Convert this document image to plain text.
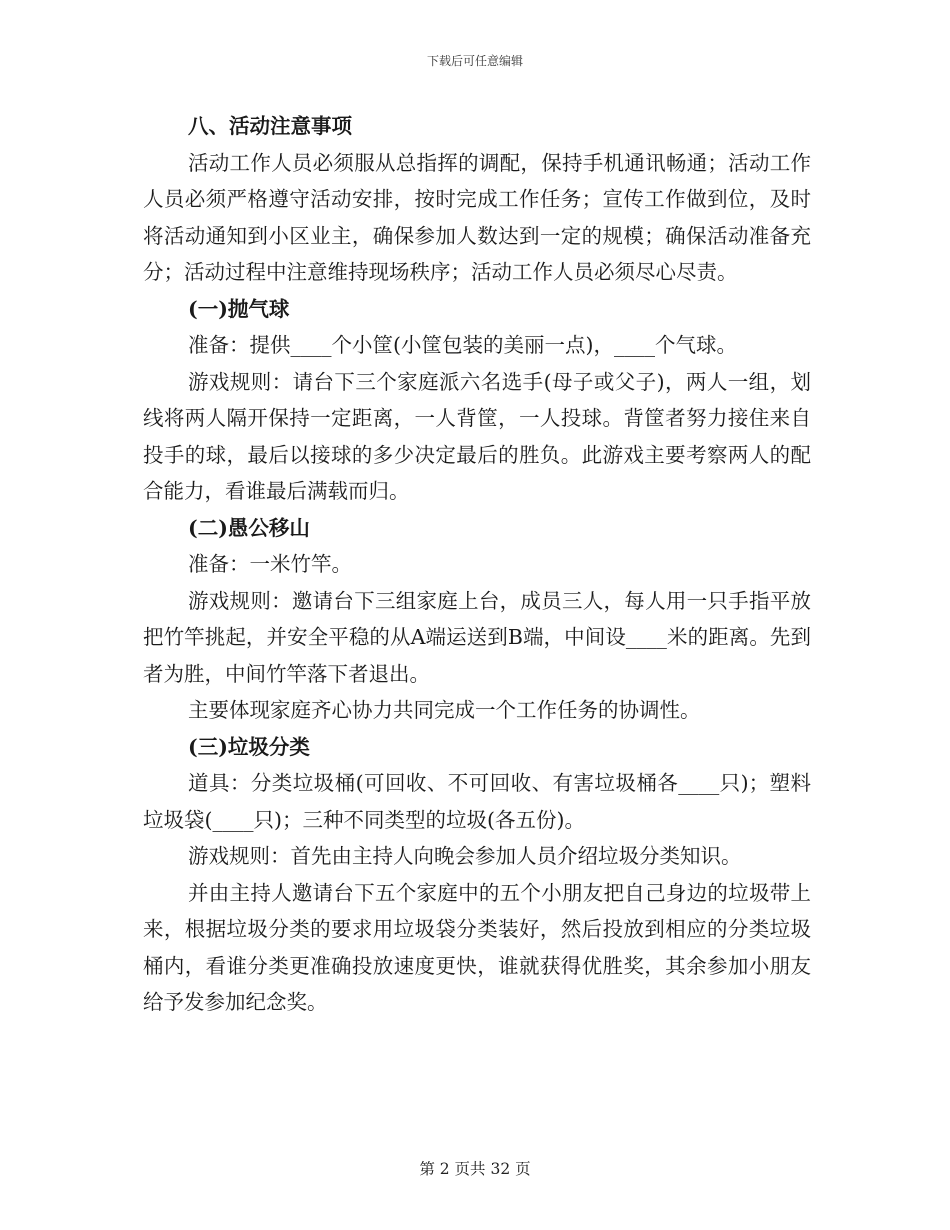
下载后可任意编辑

八、活动注意事项

活动工作人员必须服从总指挥的调配，保持手机通讯畅通；活动工作人员必须严格遵守活动安排，按时完成工作任务；宣传工作做到位，及时将活动通知到小区业主，确保参加人数达到一定的规模；确保活动准备充分；活动过程中注意维持现场秩序；活动工作人员必须尽心尽责。

(一)抛气球

准备：提供____个小筐(小筐包装的美丽一点)，____个气球。

游戏规则：请台下三个家庭派六名选手(母子或父子)，两人一组，划线将两人隔开保持一定距离，一人背筐，一人投球。背筐者努力接住来自投手的球，最后以接球的多少决定最后的胜负。此游戏主要考察两人的配合能力，看谁最后满载而归。

(二)愚公移山

准备：一米竹竿。

游戏规则：邀请台下三组家庭上台，成员三人，每人用一只手指平放把竹竿挑起，并安全平稳的从A端运送到B端，中间设____米的距离。先到者为胜，中间竹竿落下者退出。

主要体现家庭齐心协力共同完成一个工作任务的协调性。

(三)垃圾分类

道具：分类垃圾桶(可回收、不可回收、有害垃圾桶各____只)；塑料垃圾袋(____只)；三种不同类型的垃圾(各五份)。

游戏规则：首先由主持人向晚会参加人员介绍垃圾分类知识。

并由主持人邀请台下五个家庭中的五个小朋友把自己身边的垃圾带上来，根据垃圾分类的要求用垃圾袋分类装好，然后投放到相应的分类垃圾桶内，看谁分类更准确投放速度更快，谁就获得优胜奖，其余参加小朋友给予发参加纪念奖。

第 2 页共 32 页
